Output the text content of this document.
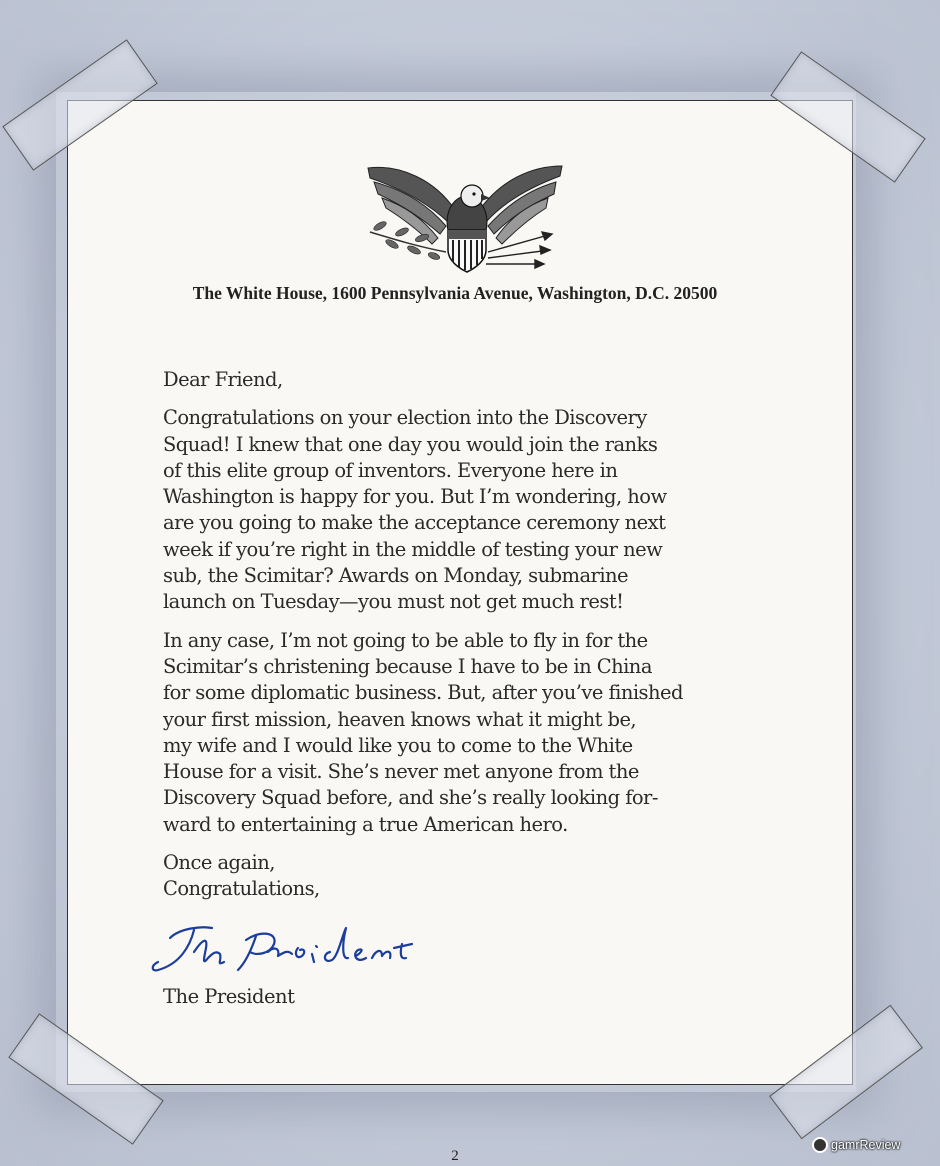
The White House, 1600 Pennsylvania Avenue, Washington, D.C. 20500
Dear Friend,
Congratulations on your election into the Discovery
Squad! I knew that one day you would join the ranks
of this elite group of inventors. Everyone here in
Washington is happy for you. But I’m wondering, how
are you going to make the acceptance ceremony next
week if you’re right in the middle of testing your new
sub, the Scimitar? Awards on Monday, submarine
launch on Tuesday—you must not get much rest!
In any case, I’m not going to be able to fly in for the
Scimitar’s christening because I have to be in China
for some diplomatic business. But, after you’ve finished
your first mission, heaven knows what it might be,
my wife and I would like you to come to the White
House for a visit. She’s never met anyone from the
Discovery Squad before, and she’s really looking for-
ward to entertaining a true American hero.
Once again,
Congratulations,
The President The President
2
gamrReview
